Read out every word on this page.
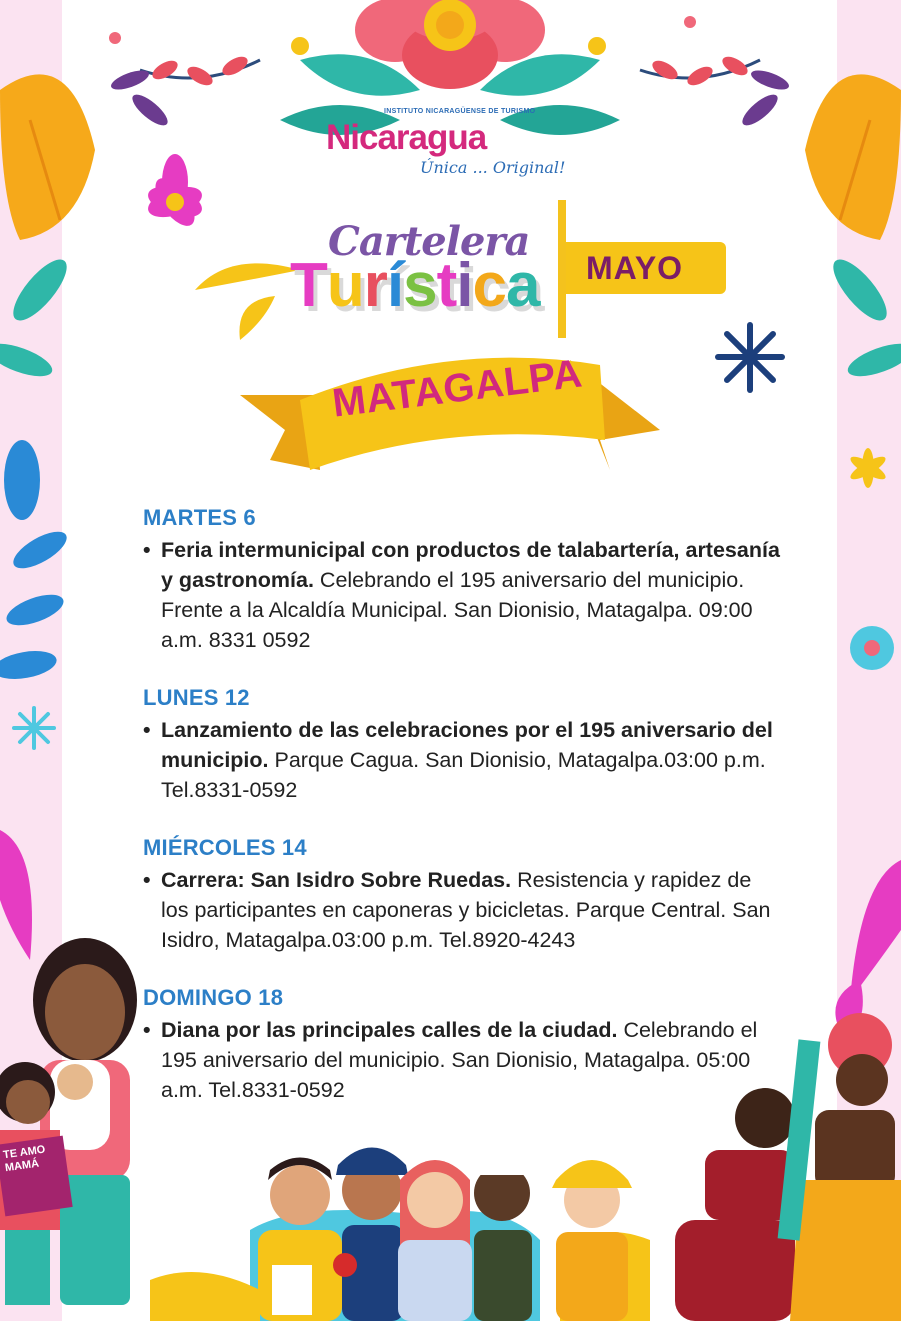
INSTITUTO NICARAGÜENSE DE TURISMO
Nicaragua
Única ... Original!
Cartelera
Turística MAYO
MATAGALPA
MARTES 6
• Feria intermunicipal con productos de talabartería, artesanía y gastronomía. Celebrando el 195 aniversario del municipio. Frente a la Alcaldía Municipal. San Dionisio, Matagalpa. 09:00 a.m. 8331 0592
LUNES 12
• Lanzamiento de las celebraciones por el 195 aniversario del municipio. Parque Cagua. San Dionisio, Matagalpa.03:00 p.m. Tel.8331-0592
MIÉRCOLES 14
• Carrera: San Isidro Sobre Ruedas. Resistencia y rapidez de los participantes en caponeras y bicicletas. Parque Central. San Isidro, Matagalpa.03:00 p.m. Tel.8920-4243
DOMINGO 18
• Diana por las principales calles de la ciudad. Celebrando el 195 aniversario del municipio. San Dionisio, Matagalpa. 05:00 a.m. Tel.8331-0592
TE AMO MAMÁ
